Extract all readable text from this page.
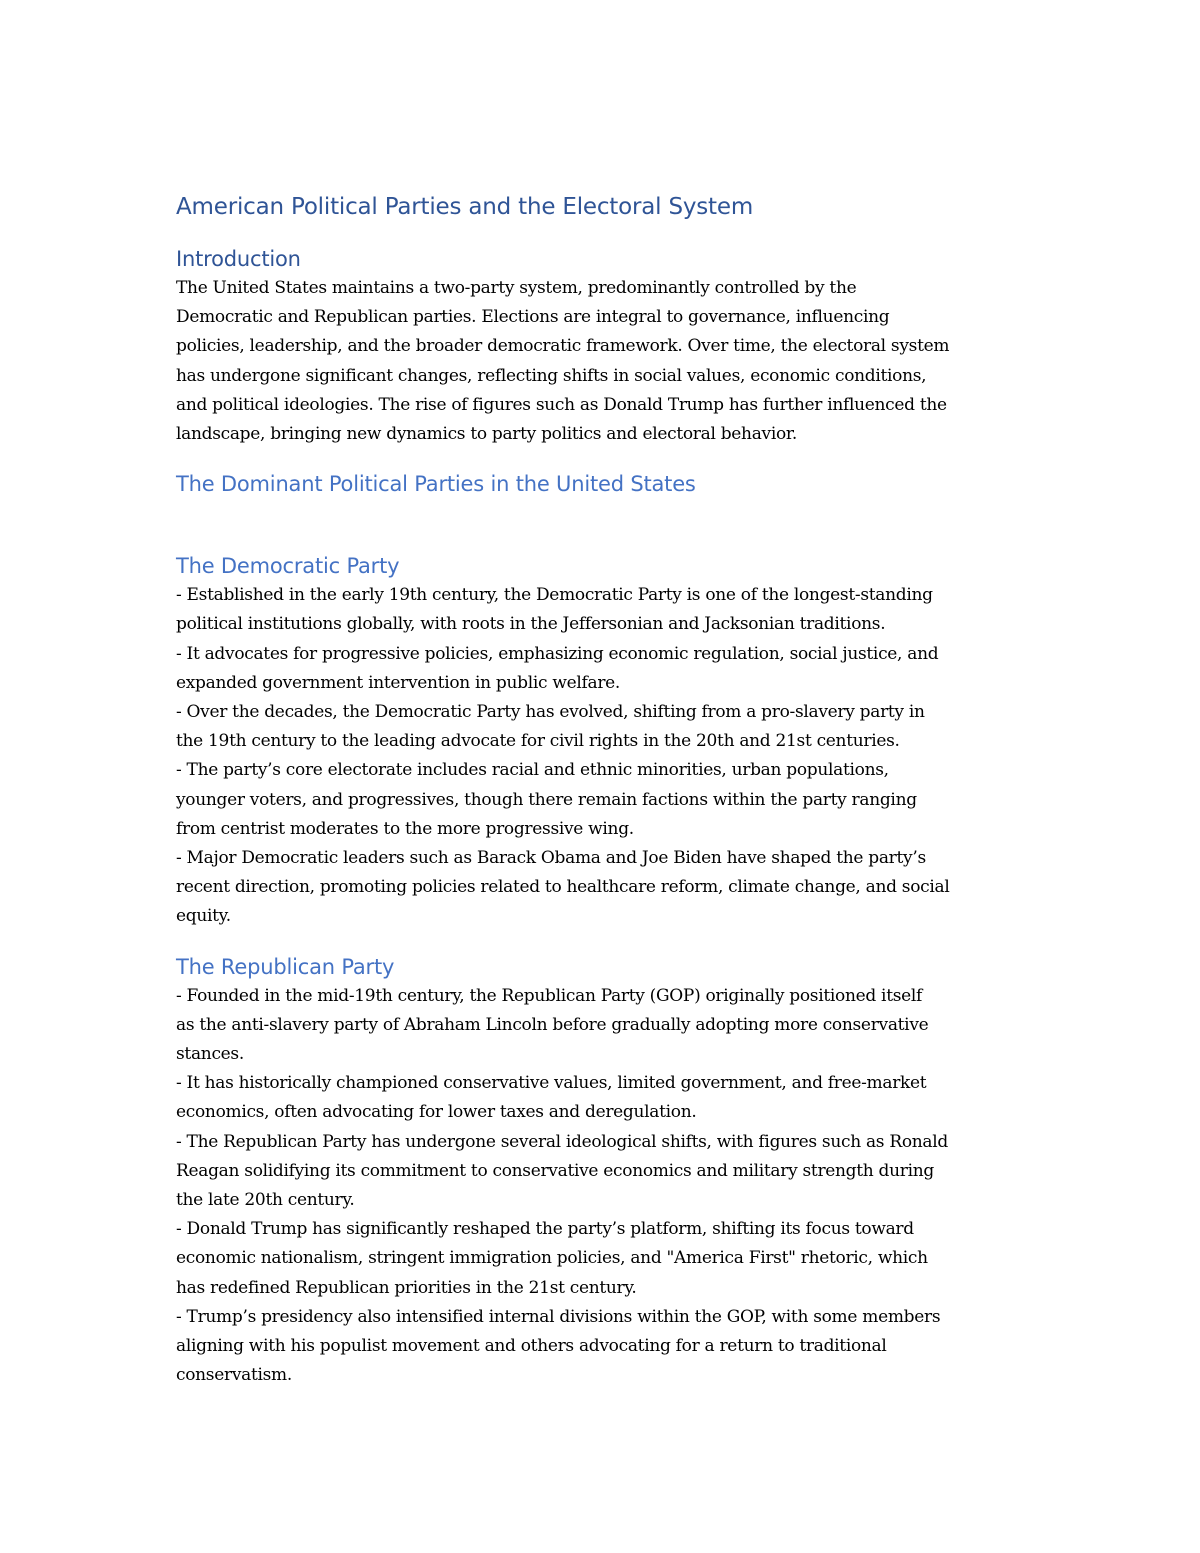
American Political Parties and the Electoral System
Introduction

The United States maintains a two-party system, predominantly controlled by the
Democratic and Republican parties. Elections are integral to governance, influencing
policies, leadership, and the broader democratic framework. Over time, the electoral system
has undergone significant changes, reflecting shifts in social values, economic conditions,
and political ideologies. The rise of figures such as Donald Trump has further influenced the
landscape, bringing new dynamics to party politics and electoral behavior.

The Dominant Political Parties in the United States
The Democratic Party

- Established in the early 19th century, the Democratic Party is one of the longest-standing
political institutions globally, with roots in the Jeffersonian and Jacksonian traditions.
- It advocates for progressive policies, emphasizing economic regulation, social justice, and
expanded government intervention in public welfare.
- Over the decades, the Democratic Party has evolved, shifting from a pro-slavery party in
the 19th century to the leading advocate for civil rights in the 20th and 21st centuries.
- The party’s core electorate includes racial and ethnic minorities, urban populations,
younger voters, and progressives, though there remain factions within the party ranging
from centrist moderates to the more progressive wing.
- Major Democratic leaders such as Barack Obama and Joe Biden have shaped the party’s
recent direction, promoting policies related to healthcare reform, climate change, and social
equity.

The Republican Party

- Founded in the mid-19th century, the Republican Party (GOP) originally positioned itself
as the anti-slavery party of Abraham Lincoln before gradually adopting more conservative
stances.
- It has historically championed conservative values, limited government, and free-market
economics, often advocating for lower taxes and deregulation.
- The Republican Party has undergone several ideological shifts, with figures such as Ronald
Reagan solidifying its commitment to conservative economics and military strength during
the late 20th century.
- Donald Trump has significantly reshaped the party’s platform, shifting its focus toward
economic nationalism, stringent immigration policies, and "America First" rhetoric, which
has redefined Republican priorities in the 21st century.
- Trump’s presidency also intensified internal divisions within the GOP, with some members
aligning with his populist movement and others advocating for a return to traditional
conservatism.
